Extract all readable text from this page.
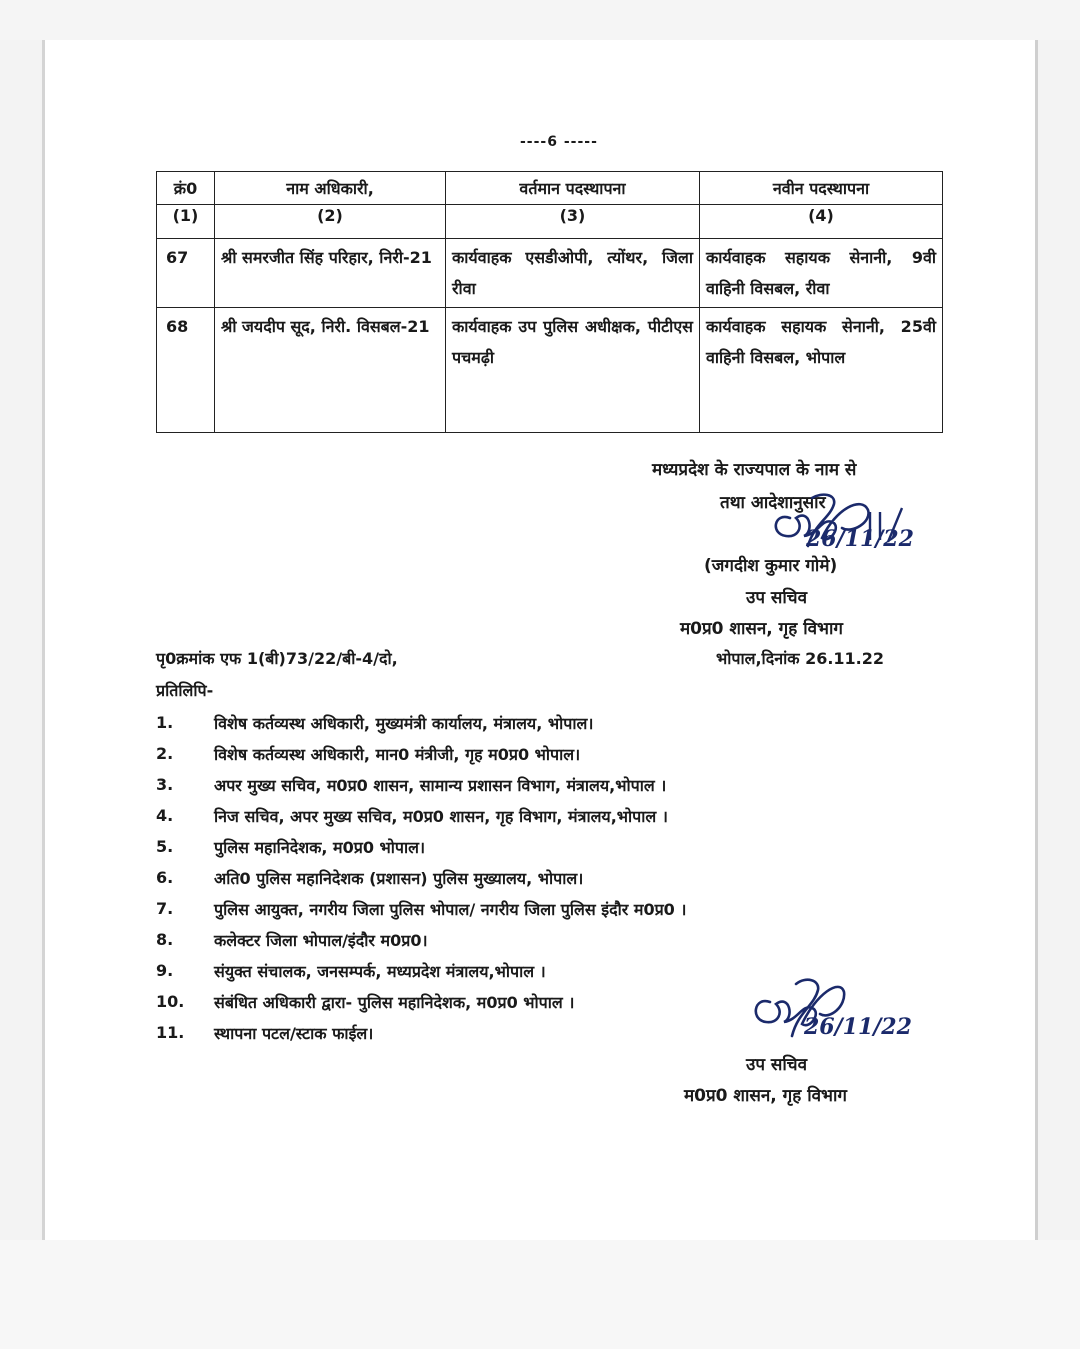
----6 -----
क्रं0	नाम अधिकारी,	वर्तमान पदस्थापना	नवीन पदस्थापना
(1)	(2)	(3)	(4)
67	श्री समरजीत सिंह परिहार, निरी-21	कार्यवाहक एसडीओपी, त्योंथर, जिला रीवा	कार्यवाहक सहायक सेनानी, 9वी वाहिनी विसबल, रीवा
68	श्री जयदीप सूद, निरी. विसबल-21	कार्यवाहक उप पुलिस अधीक्षक, पीटीएस पचमढ़ी	कार्यवाहक सहायक सेनानी, 25वी वाहिनी विसबल, भोपाल
मध्यप्रदेश के राज्यपाल के नाम से
तथा आदेशानुसार
26/11/22
(जगदीश कुमार गोमे)
उप सचिव
म0प्र0 शासन, गृह विभाग
पृ0क्रमांक एफ 1(बी)73/22/बी-4/दो,	भोपाल,दिनांक 26.11.22
प्रतिलिपि-
1.	विशेष कर्तव्यस्थ अधिकारी, मुख्यमंत्री कार्यालय, मंत्रालय, भोपाल।
2.	विशेष कर्तव्यस्थ अधिकारी, मान0 मंत्रीजी, गृह म0प्र0 भोपाल।
3.	अपर मुख्य सचिव, म0प्र0 शासन, सामान्य प्रशासन विभाग, मंत्रालय,भोपाल ।
4.	निज सचिव, अपर मुख्य सचिव, म0प्र0 शासन, गृह विभाग, मंत्रालय,भोपाल ।
5.	पुलिस महानिदेशक, म0प्र0 भोपाल।
6.	अति0 पुलिस महानिदेशक (प्रशासन) पुलिस मुख्यालय, भोपाल।
7.	पुलिस आयुक्त, नगरीय जिला पुलिस भोपाल/ नगरीय जिला पुलिस इंदौर म0प्र0 ।
8.	कलेक्टर जिला भोपाल/इंदौर म0प्र0।
9.	संयुक्त संचालक, जनसम्पर्क, मध्यप्रदेश मंत्रालय,भोपाल ।
10.	संबंधित अधिकारी द्वारा- पुलिस महानिदेशक, म0प्र0 भोपाल ।
11.	स्थापना पटल/स्टाक फाईल।	26/11/22
उप सचिव
म0प्र0 शासन, गृह विभाग
